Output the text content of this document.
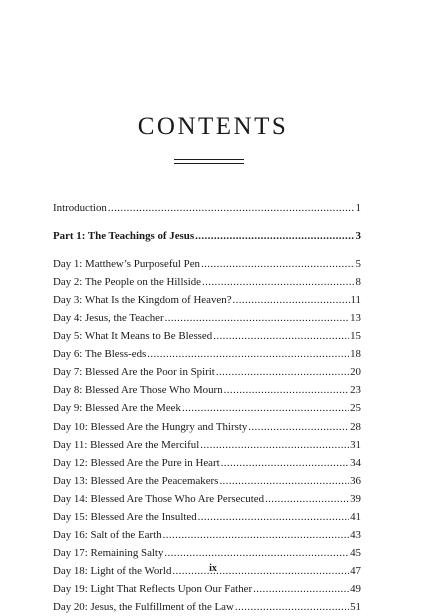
CONTENTS
Introduction .....	1
Part 1: The Teachings of Jesus .....	3
Day 1: Matthew’s Purposeful Pen .....	5
Day 2: The People on the Hillside .....	8
Day 3: What Is the Kingdom of Heaven? .....	11
Day 4: Jesus, the Teacher .....	13
Day 5: What It Means to Be Blessed .....	15
Day 6: The Bless-eds .....	18
Day 7: Blessed Are the Poor in Spirit .....	20
Day 8: Blessed Are Those Who Mourn .....	23
Day 9: Blessed Are the Meek .....	25
Day 10: Blessed Are the Hungry and Thirsty .....	28
Day 11: Blessed Are the Merciful .....	31
Day 12: Blessed Are the Pure in Heart .....	34
Day 13: Blessed Are the Peacemakers .....	36
Day 14: Blessed Are Those Who Are Persecuted .....	39
Day 15: Blessed Are the Insulted .....	41
Day 16: Salt of the Earth .....	43
Day 17: Remaining Salty .....	45
Day 18: Light of the World .....	47
Day 19: Light That Reflects Upon Our Father .....	49
Day 20: Jesus, the Fulfillment of the Law .....	51
ix
